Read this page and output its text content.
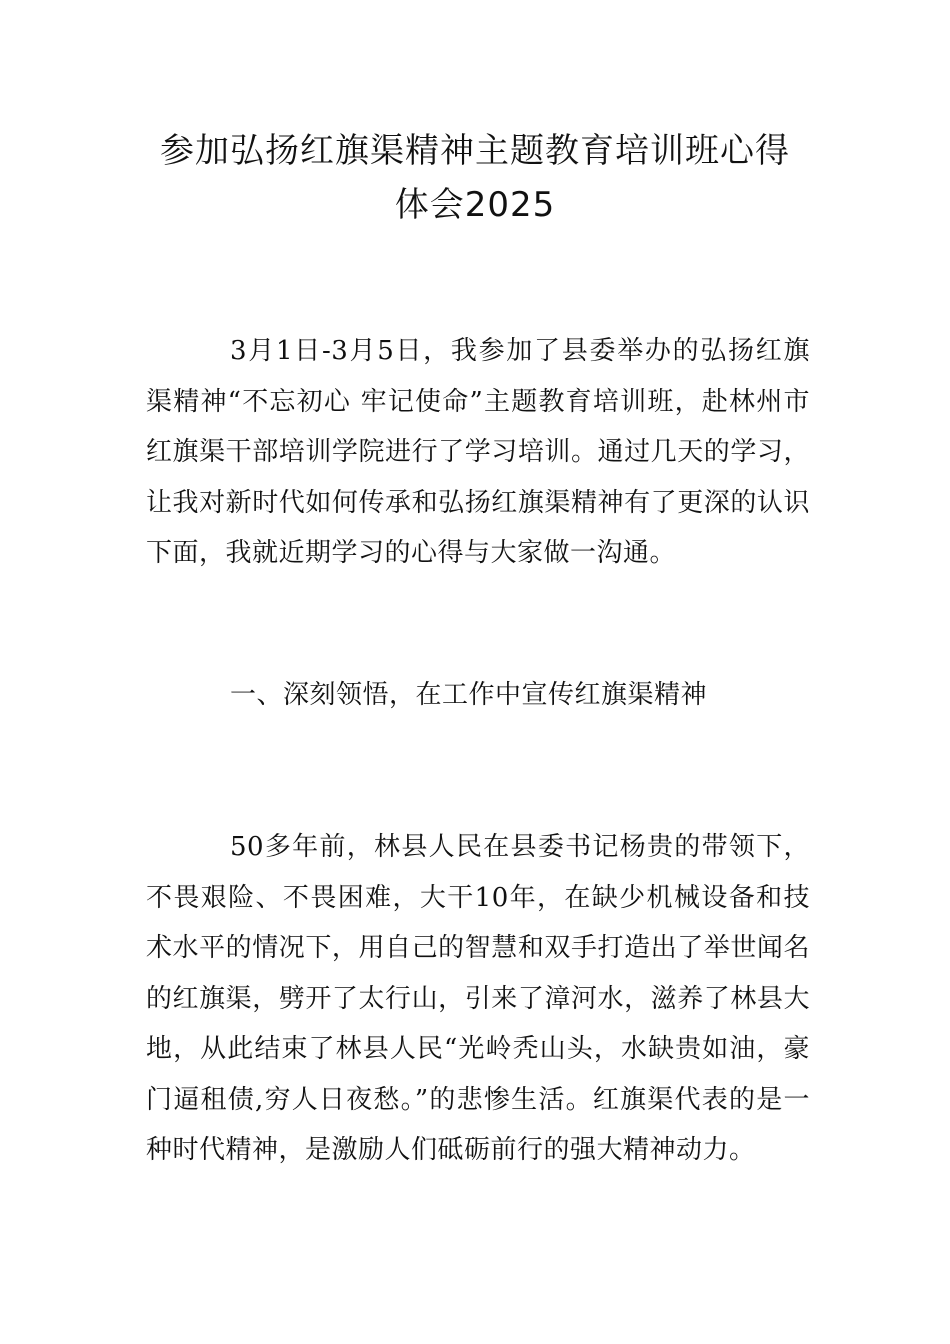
参加弘扬红旗渠精神主题教育培训班心得
体会2025

3月1日-3月5日，我参加了县委举办的弘扬红旗渠精神“不忘初心 牢记使命”主题教育培训班，赴林州市红旗渠干部培训学院进行了学习培训。通过几天的学习，让我对新时代如何传承和弘扬红旗渠精神有了更深的认识下面，我就近期学习的心得与大家做一沟通。

一、深刻领悟，在工作中宣传红旗渠精神

50多年前，林县人民在县委书记杨贵的带领下，不畏艰险、不畏困难，大干10年，在缺少机械设备和技术水平的情况下，用自己的智慧和双手打造出了举世闻名的红旗渠，劈开了太行山，引来了漳河水，滋养了林县大地，从此结束了林县人民“光岭秃山头，水缺贵如油，豪门逼租债,穷人日夜愁。”的悲惨生活。红旗渠代表的是一种时代精神，是激励人们砥砺前行的强大精神动力。
